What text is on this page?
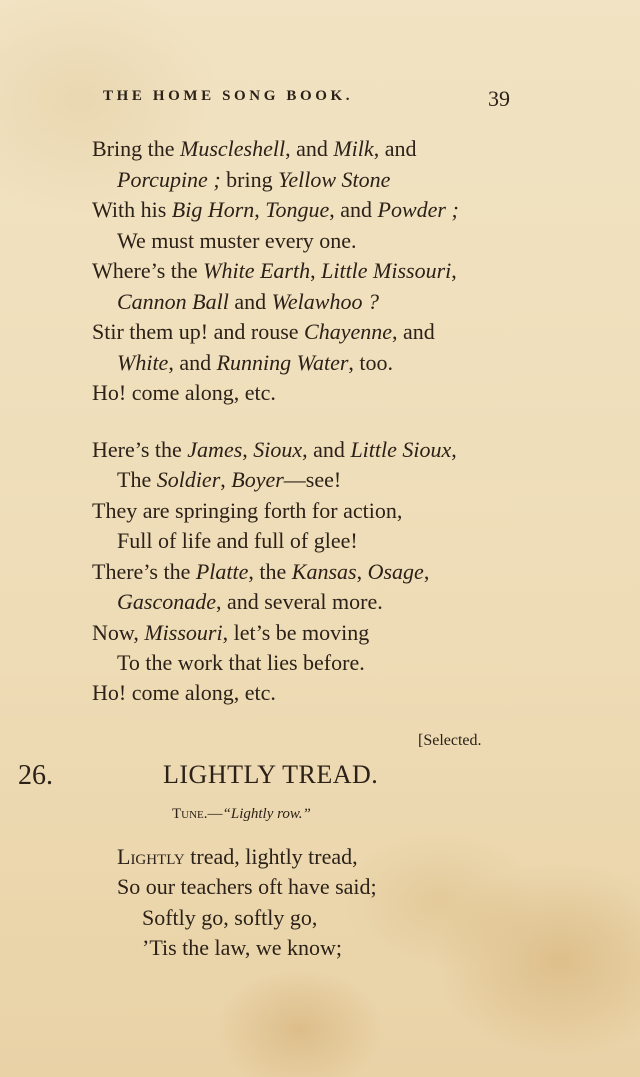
THE HOME SONG BOOK.	39
Bring the Muscleshell, and Milk, and
Porcupine ; bring Yellow Stone
With his Big Horn, Tongue, and Powder ;
We must muster every one.
Where’s the White Earth, Little Missouri,
Cannon Ball and Welawhoo ?
Stir them up! and rouse Chayenne, and
White, and Running Water, too.
Ho! come along, etc.
Here’s the James, Sioux, and Little Sioux,
The Soldier, Boyer—see!
They are springing forth for action,
Full of life and full of glee!
There’s the Platte, the Kansas, Osage,
Gasconade, and several more.
Now, Missouri, let’s be moving
To the work that lies before.
Ho! come along, etc.
[Selected.
26.	LIGHTLY TREAD.
Tune.—“Lightly row.”
Lightly tread, lightly tread,
So our teachers oft have said;
Softly go, softly go,
’Tis the law, we know;
